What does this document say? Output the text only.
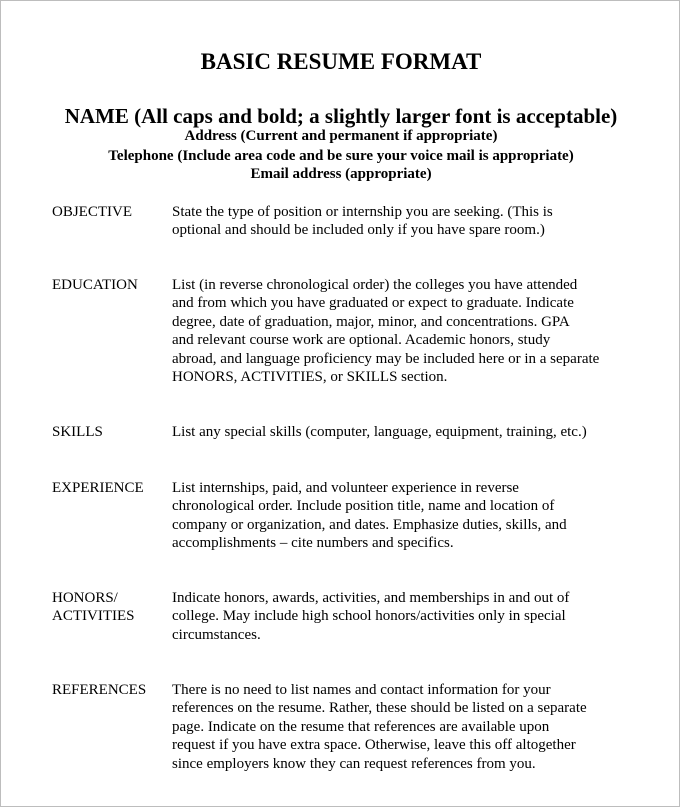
BASIC RESUME FORMAT
NAME (All caps and bold; a slightly larger font is acceptable)
Address (Current and permanent if appropriate)
Telephone (Include area code and be sure your voice mail is appropriate)
Email address (appropriate)
OBJECTIVE	State the type of position or internship you are seeking. (This is
optional and should be included only if you have spare room.)
EDUCATION List (in reverse chronological order) the colleges you have attended
and from which you have graduated or expect to graduate. Indicate
degree, date of graduation, major, minor, and concentrations. GPA
and relevant course work are optional. Academic honors, study
abroad, and language proficiency may be included here or in a separate
HONORS, ACTIVITIES, or SKILLS section.
SKILLS	List any special skills (computer, language, equipment, training, etc.)
EXPERIENCE List internships, paid, and volunteer experience in reverse
chronological order. Include position title, name and location of
company or organization, and dates. Emphasize duties, skills, and
accomplishments – cite numbers and specifics.
HONORS/
ACTIVITIES
Indicate honors, awards, activities, and memberships in and out of
college. May include high school honors/activities only in special
circumstances.
REFERENCES There is no need to list names and contact information for your
references on the resume. Rather, these should be listed on a separate
page. Indicate on the resume that references are available upon
request if you have extra space. Otherwise, leave this off altogether
since employers know they can request references from you.
